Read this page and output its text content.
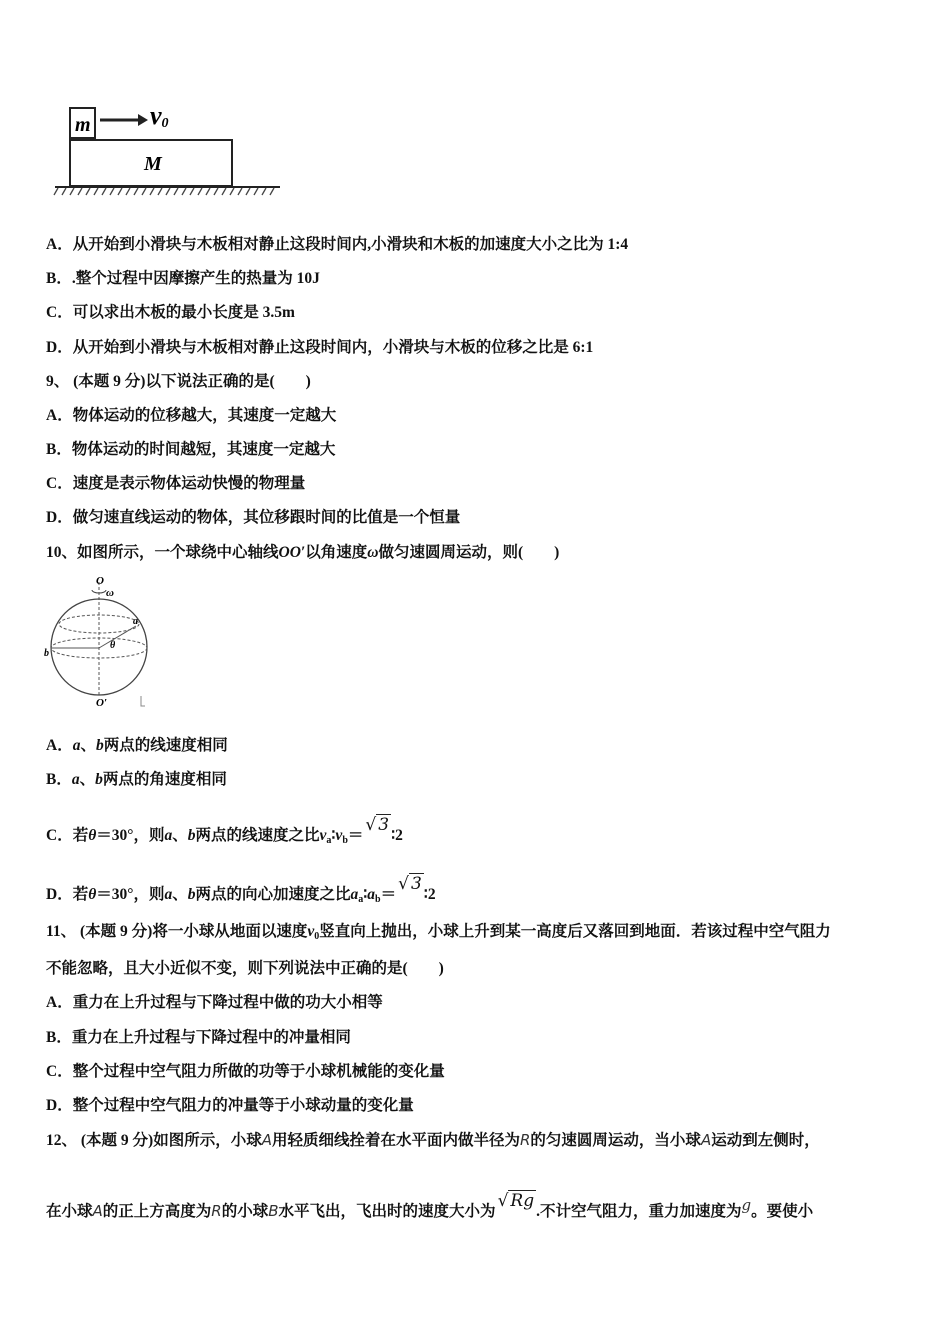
m v0
M
A．从开始到小滑块与木板相对静止这段时间内,小滑块和木板的加速度大小之比为 1:4
B．.整个过程中因摩擦产生的热量为 10J
C．可以求出木板的最小长度是 3.5m
D．从开始到小滑块与木板相对静止这段时间内，小滑块与木板的位移之比是 6:1
9、 (本题 9 分)以下说法正确的是(　　)
A．物体运动的位移越大，其速度一定越大
B．物体运动的时间越短，其速度一定越大
C．速度是表示物体运动快慢的物理量
D．做匀速直线运动的物体，其位移跟时间的比值是一个恒量
10、如图所示，一个球绕中心轴线OO′以角速度ω做匀速圆周运动，则(　　)
O
ω
a
θ
b
O′
A．a、b两点的线速度相同
B．a、b两点的角速度相同
C．若θ＝30°，则a、b两点的线速度之比$v_a∶v_b=√$ 3∶2
D．若θ＝30°，则a、b两点的向心加速度之比$a_a∶a_b=√$ 3∶2
11、 (本题 9 分)将一小球从地面以速度$v_0$竖直向上抛出，小球上升到某一高度后又落回到地面．若该过程中空气阻力
不能忽略，且大小近似不变，则下列说法中正确的是(　　)
A．重力在上升过程与下降过程中做的功大小相等
B．重力在上升过程与下降过程中的冲量相同
C．整个过程中空气阻力所做的功等于小球机械能的变化量
D．整个过程中空气阻力的冲量等于小球动量的变化量
12、 (本题 9 分)如图所示，小球A用轻质细线拴着在水平面内做半径为R的匀速圆周运动，当小球A运动到左侧时，
在小球A的正上方高度为R的小球B水平飞出，飞出时的速度大小为√ Rg.不计空气阻力，重力加速度为g。要使小
